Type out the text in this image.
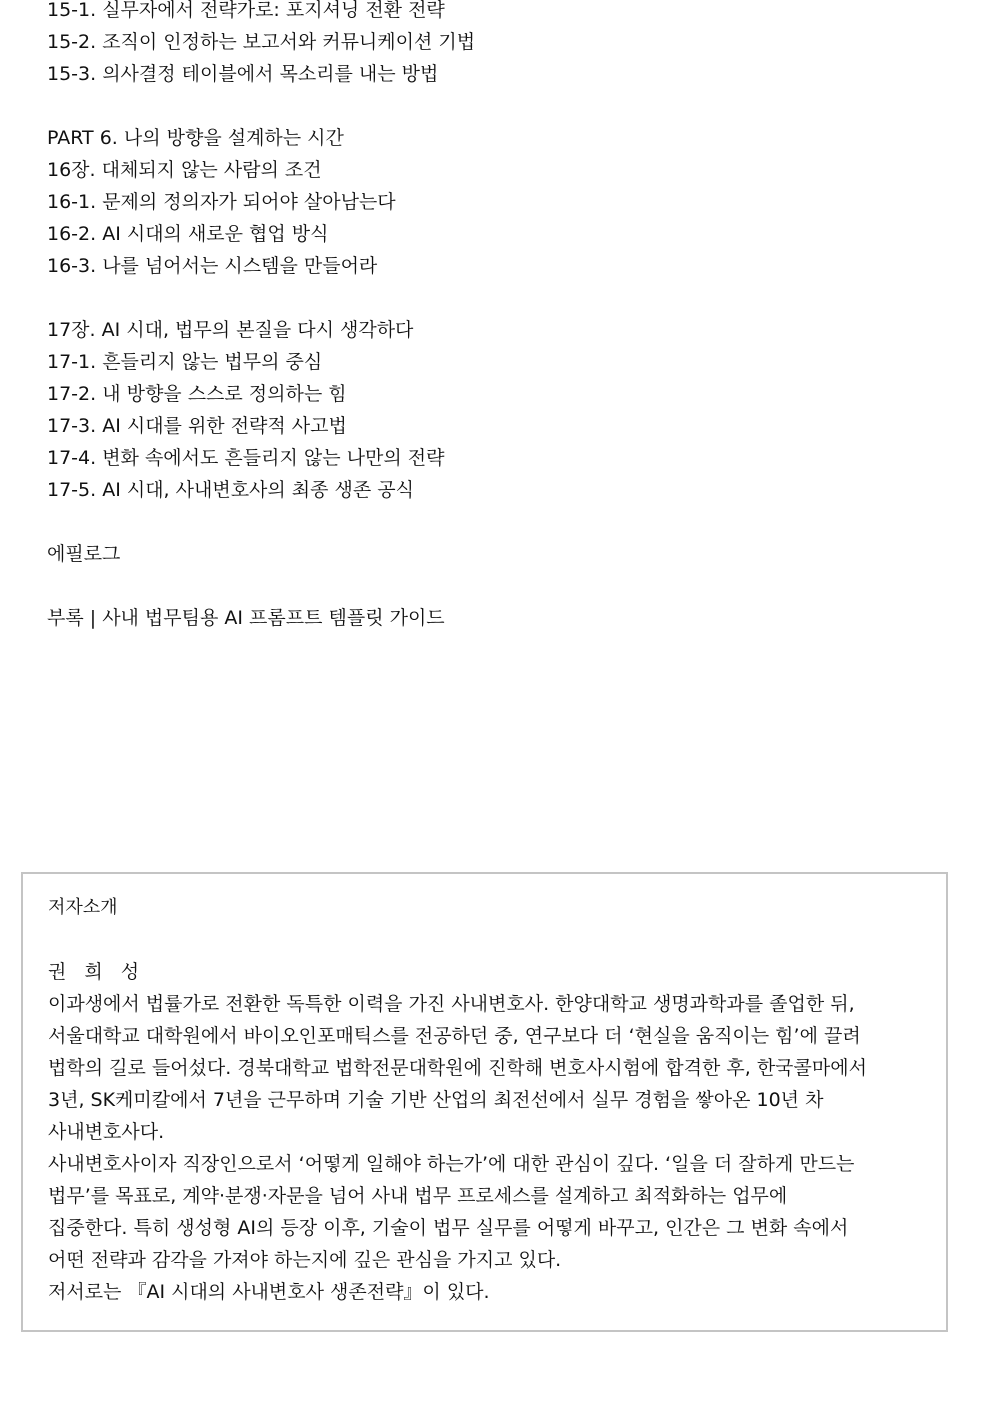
15-1. 실무자에서 전략가로: 포지셔닝 전환 전략
15-2. 조직이 인정하는 보고서와 커뮤니케이션 기법
15-3. 의사결정 테이블에서 목소리를 내는 방법
PART 6. 나의 방향을 설계하는 시간
16장. 대체되지 않는 사람의 조건
16-1. 문제의 정의자가 되어야 살아남는다
16-2. AI 시대의 새로운 협업 방식
16-3. 나를 넘어서는 시스템을 만들어라
17장. AI 시대, 법무의 본질을 다시 생각하다
17-1. 흔들리지 않는 법무의 중심
17-2. 내 방향을 스스로 정의하는 힘
17-3. AI 시대를 위한 전략적 사고법
17-4. 변화 속에서도 흔들리지 않는 나만의 전략
17-5. AI 시대, 사내변호사의 최종 생존 공식
에필로그
부록 | 사내 법무팀용 AI 프롬프트 템플릿 가이드
저자소개
권 희 성
이과생에서 법률가로 전환한 독특한 이력을 가진 사내변호사. 한양대학교 생명과학과를 졸업한 뒤,
서울대학교 대학원에서 바이오인포매틱스를 전공하던 중, 연구보다 더 ‘현실을 움직이는 힘’에 끌려
법학의 길로 들어섰다. 경북대학교 법학전문대학원에 진학해 변호사시험에 합격한 후, 한국콜마에서
3년, SK케미칼에서 7년을 근무하며 기술 기반 산업의 최전선에서 실무 경험을 쌓아온 10년 차
사내변호사다.
사내변호사이자 직장인으로서 ‘어떻게 일해야 하는가’에 대한 관심이 깊다. ‘일을 더 잘하게 만드는
법무’를 목표로, 계약·분쟁·자문을 넘어 사내 법무 프로세스를 설계하고 최적화하는 업무에
집중한다. 특히 생성형 AI의 등장 이후, 기술이 법무 실무를 어떻게 바꾸고, 인간은 그 변화 속에서
어떤 전략과 감각을 가져야 하는지에 깊은 관심을 가지고 있다.
저서로는 『AI 시대의 사내변호사 생존전략』이 있다.
